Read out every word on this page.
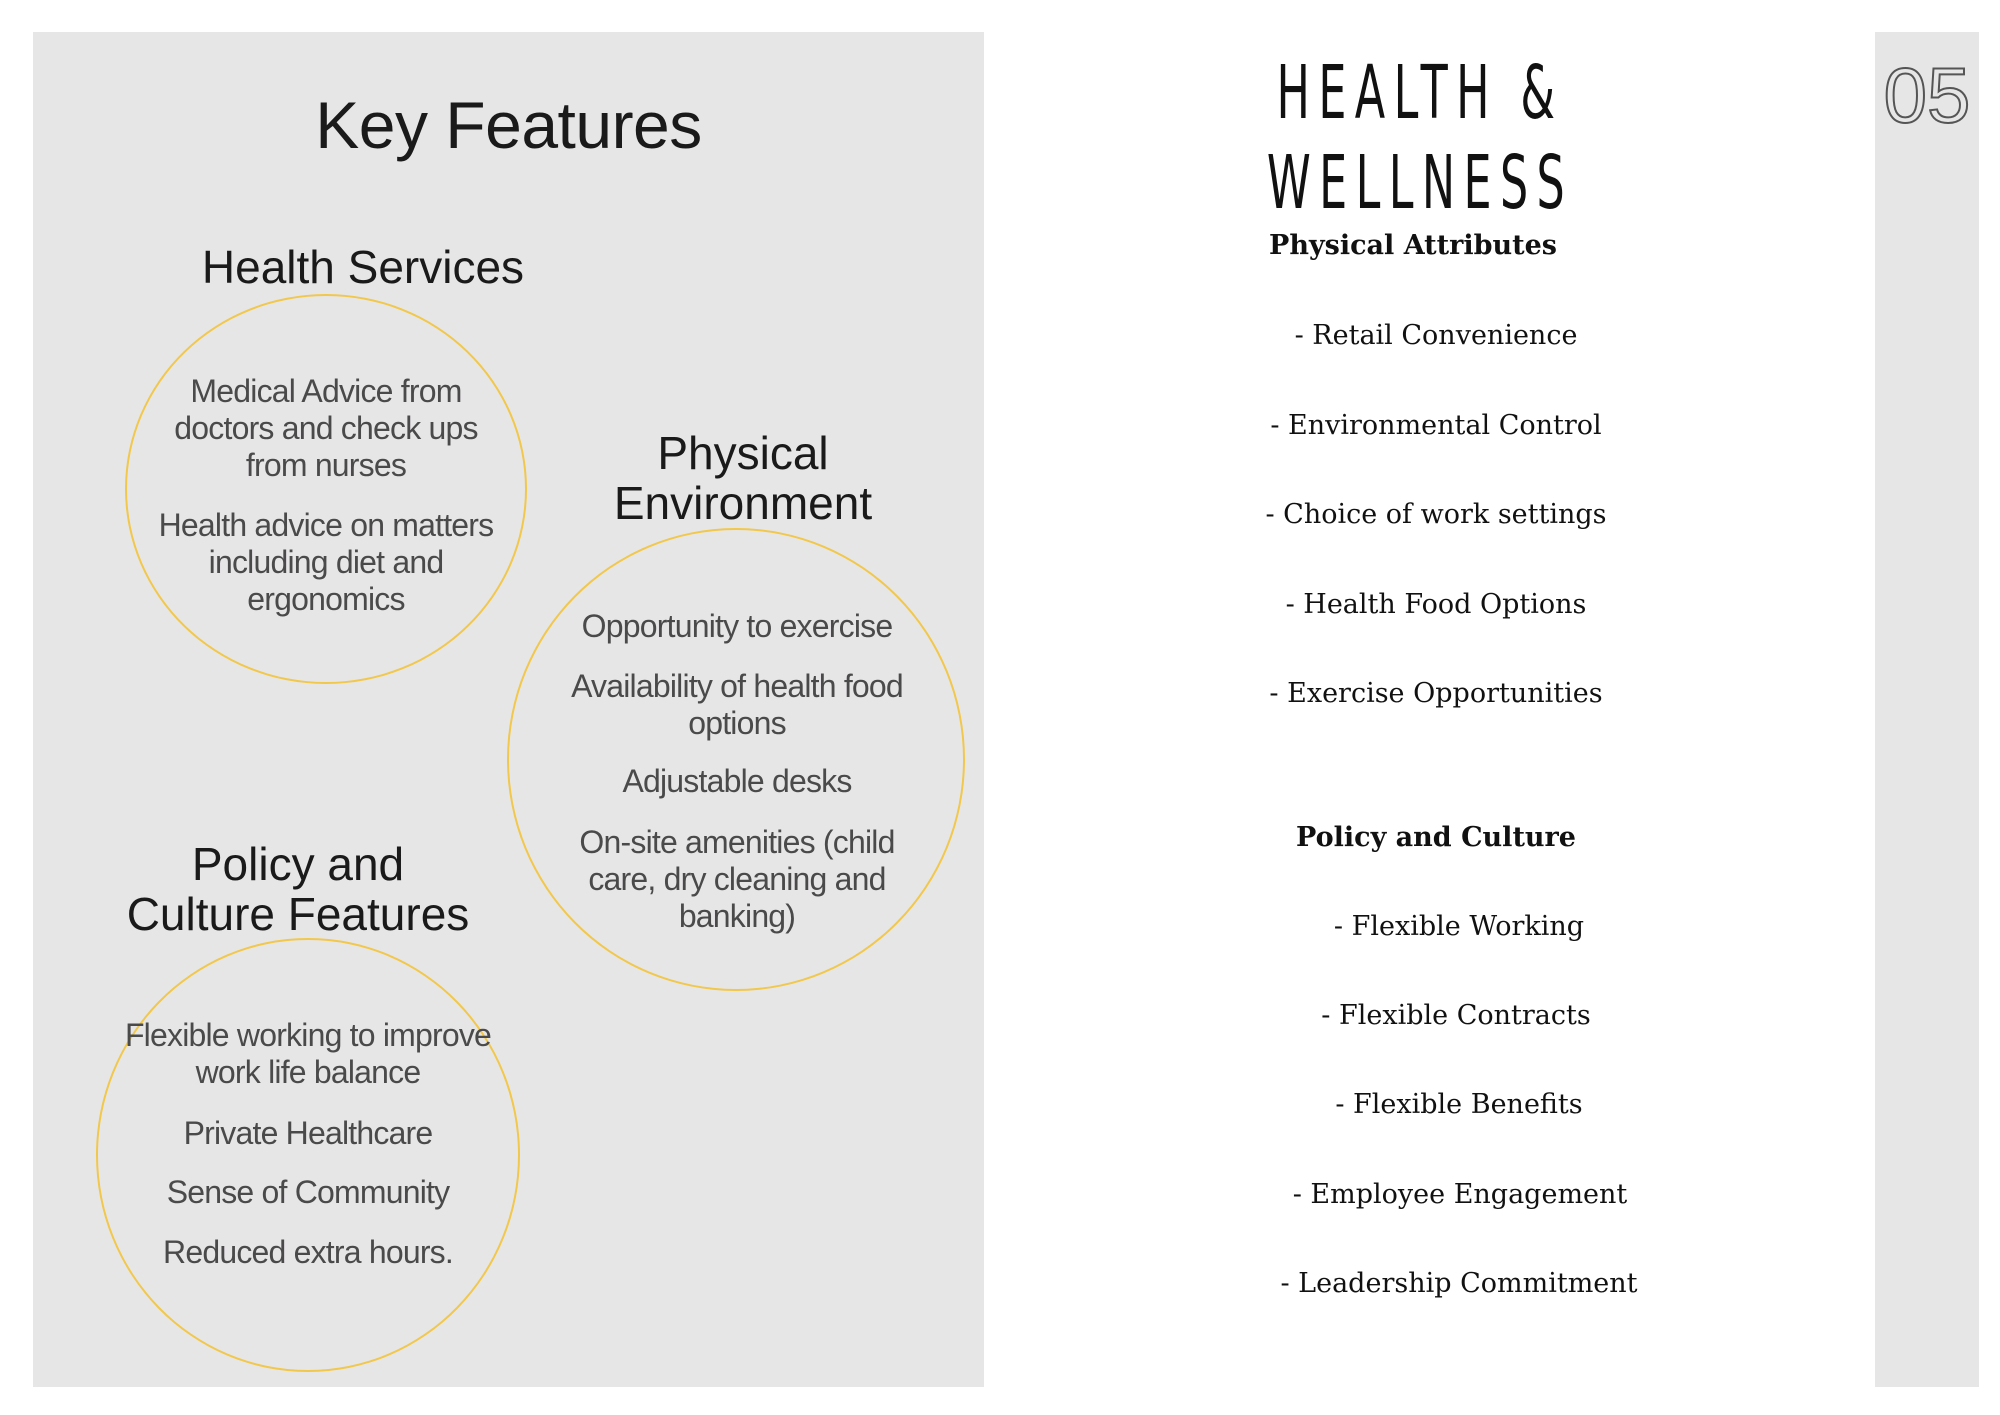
Key Features
Health Services
Medical Advice from doctors and check ups from nurses
Health advice on matters including diet and ergonomics
Physical Environment
Opportunity to exercise
Availability of health food options
Adjustable desks
On-site amenities (child care, dry cleaning and banking)
Policy and Culture Features
Flexible working to improve work life balance
Private Healthcare
Sense of Community
Reduced extra hours.
HEALTH & WELLNESS
05
Physical Attributes
- Retail Convenience
- Environmental Control
- Choice of work settings
- Health Food Options
- Exercise Opportunities
Policy and Culture
- Flexible Working
- Flexible Contracts
- Flexible Benefits
- Employee Engagement
- Leadership Commitment
